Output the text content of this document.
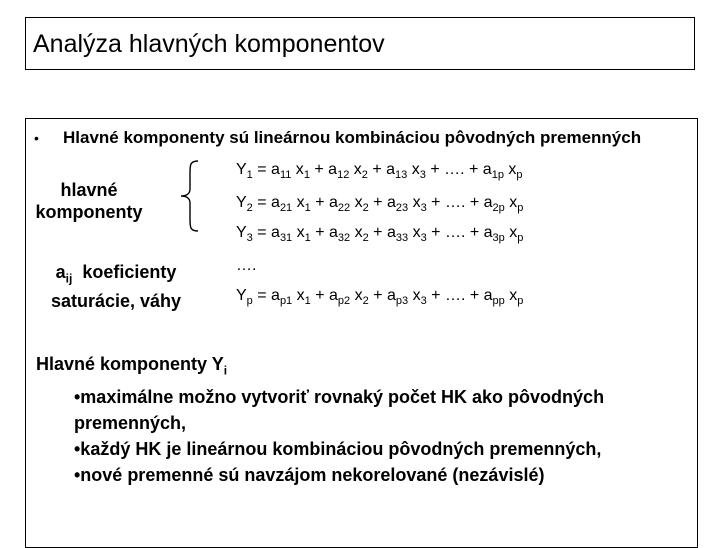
Analýza hlavných komponentov
• Hlavné komponenty sú lineárnou kombináciou pôvodných premenných
hlavné
komponenty
$a_{ij}$  koeficienty
saturácie, váhy
$Y_1 = a_{11}$ $x_1 + a_{12}$ $x_2 + a_{13}$ $x_3$ + …. + $a_{1p}$ $x_p$
$Y_2 = a_{21}$ $x_1 + a_{22}$ $x_2 + a_{23}$ $x_3$ + …. + $a_{2p}$ $x_p$
$Y_3 = a_{31}$ $x_1 + a_{32}$ $x_2 + a_{33}$ $x_3$ + …. + $a_{3p}$ $x_p$
….
$Y_p = a_{p1}$ $x_1 + a_{p2}$ $x_2 + a_{p3}$ $x_3$ + …. + $a_{pp}$ $x_p$
Hlavné komponenty $Y_i$
•maximálne možno vytvoriť rovnaký počet HK ako pôvodných
premenných,
•každý HK je lineárnou kombináciou pôvodných premenných,
•nové premenné sú navzájom nekorelované (nezávislé)
